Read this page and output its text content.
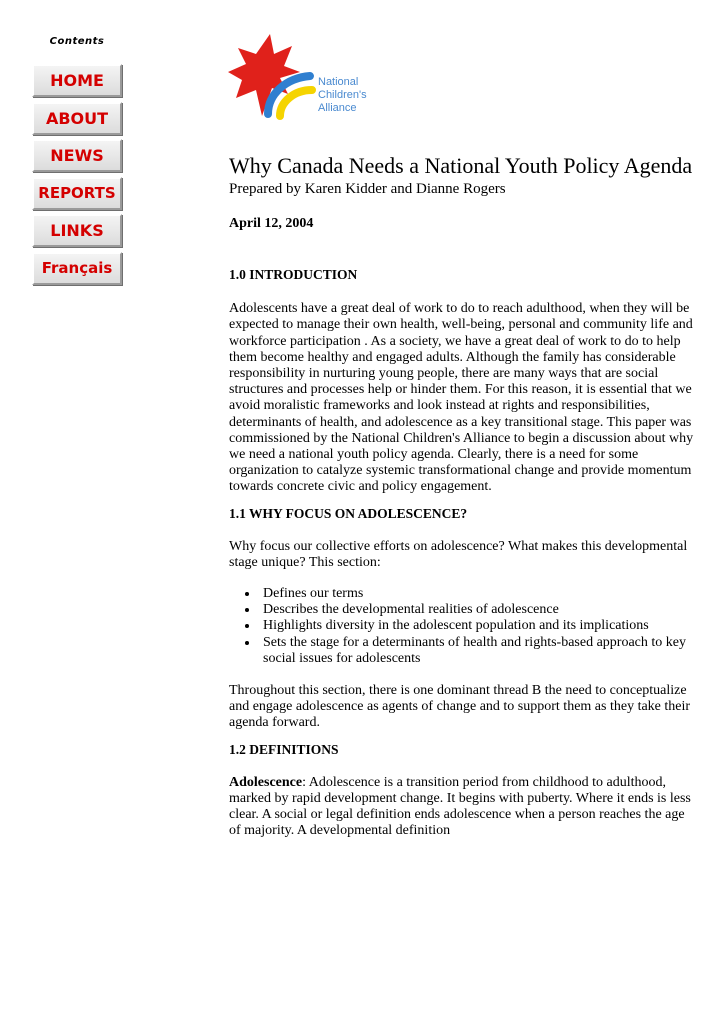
Contents
HOME
ABOUT
NEWS
REPORTS
LINKS
Français
National
Children's
Alliance
Why Canada Needs a National Youth Policy Agenda

Prepared by Karen Kidder and Dianne Rogers

April 12, 2004
1.0 INTRODUCTION

Adolescents have a great deal of work to do to reach adulthood, when they will be expected to manage their own health, well-being, personal and community life and workforce participation . As a society, we have a great deal of work to do to help them become healthy and engaged adults. Although the family has considerable responsibility in nurturing young people, there are many ways that are social structures and processes help or hinder them. For this reason, it is essential that we avoid moralistic frameworks and look instead at rights and responsibilities, determinants of health, and adolescence as a key transitional stage. This paper was commissioned by the National Children's Alliance to begin a discussion about why we need a national youth policy agenda. Clearly, there is a need for some organization to catalyze systemic transformational change and provide momentum towards concrete civic and policy engagement.

1.1 WHY FOCUS ON ADOLESCENCE?

Why focus our collective efforts on adolescence? What makes this developmental stage unique? This section:

• Defines our terms
• Describes the developmental realities of adolescence
• Highlights diversity in the adolescent population and its implications
• Sets the stage for a determinants of health and rights-based approach to key social issues for adolescents

Throughout this section, there is one dominant thread B the need to conceptualize and engage adolescence as agents of change and to support them as they take their agenda forward.

1.2 DEFINITIONS

Adolescence: Adolescence is a transition period from childhood to adulthood, marked by rapid development change. It begins with puberty. Where it ends is less clear. A social or legal definition ends adolescence when a person reaches the age of majority. A developmental definition
